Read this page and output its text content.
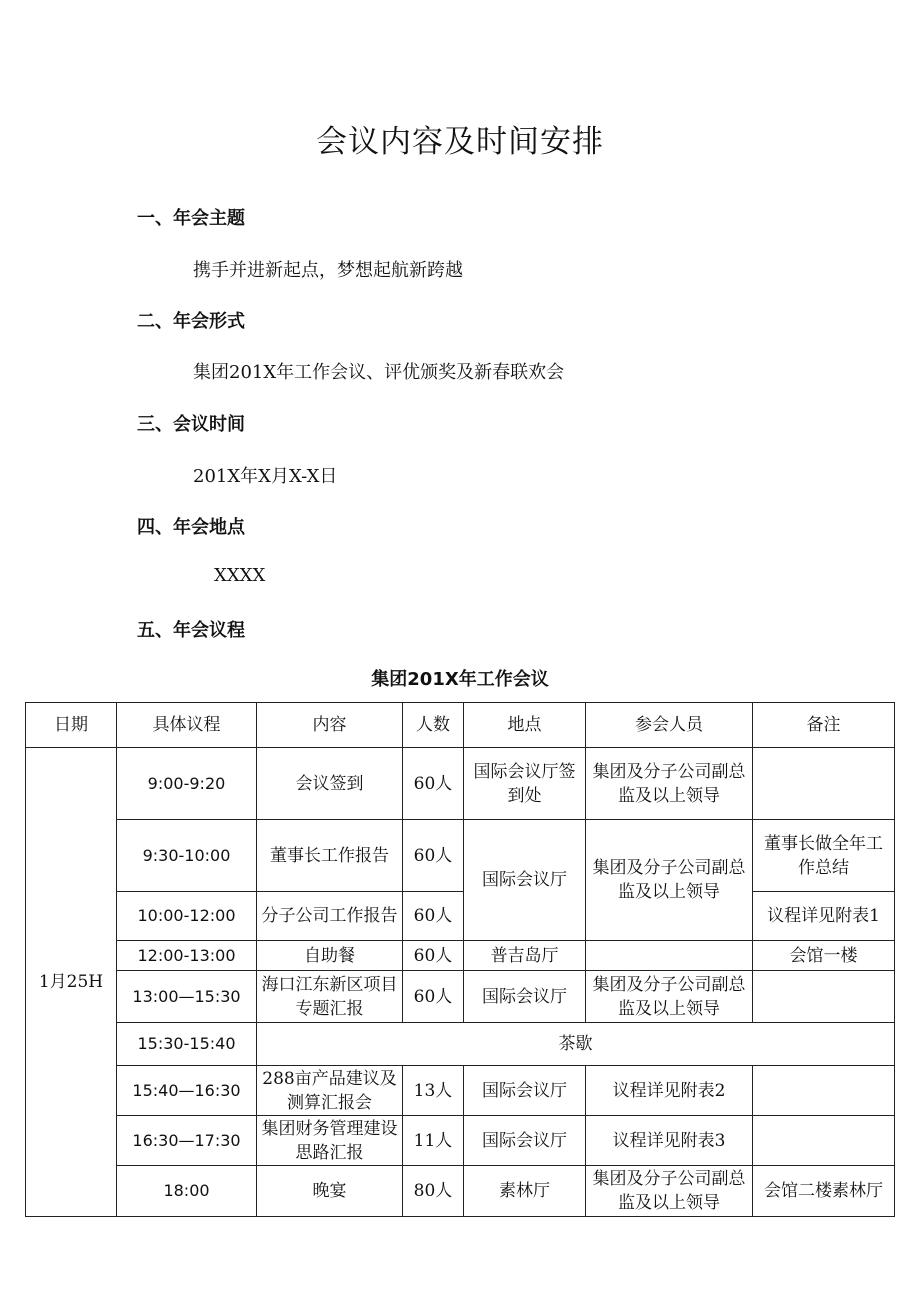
会议内容及时间安排
一、年会主题
携手并进新起点，梦想起航新跨越
二、年会形式
集团201X年工作会议、评优颁奖及新春联欢会
三、会议时间
201X年X月X-X日
四、年会地点
XXXX
五、年会议程
集团201X年工作会议
日期	具体议程	内容	人数	地点	参会人员	备注
1月25H	9:00-9:20	会议签到	60人	国际会议厅签到处	集团及分子公司副总监及以上领导	
	9:30-10:00	董事长工作报告	60人	国际会议厅	集团及分子公司副总监及以上领导	董事长做全年工作总结
	10:00-12:00	分子公司工作报告	60人			议程详见附表1
	12:00-13:00	自助餐	60人	普吉岛厅		会馆一楼
	13:00—15:30	海口江东新区项目专题汇报	60人	国际会议厅	集团及分子公司副总监及以上领导	
	15:30-15:40	茶歇				
	15:40—16:30	288亩产品建议及测算汇报会	13人	国际会议厅	议程详见附表2	
	16:30—17:30	集团财务管理建设思路汇报	11人	国际会议厅	议程详见附表3	
	18:00	晚宴	80人	素林厅	集团及分子公司副总监及以上领导	会馆二楼素林厅
